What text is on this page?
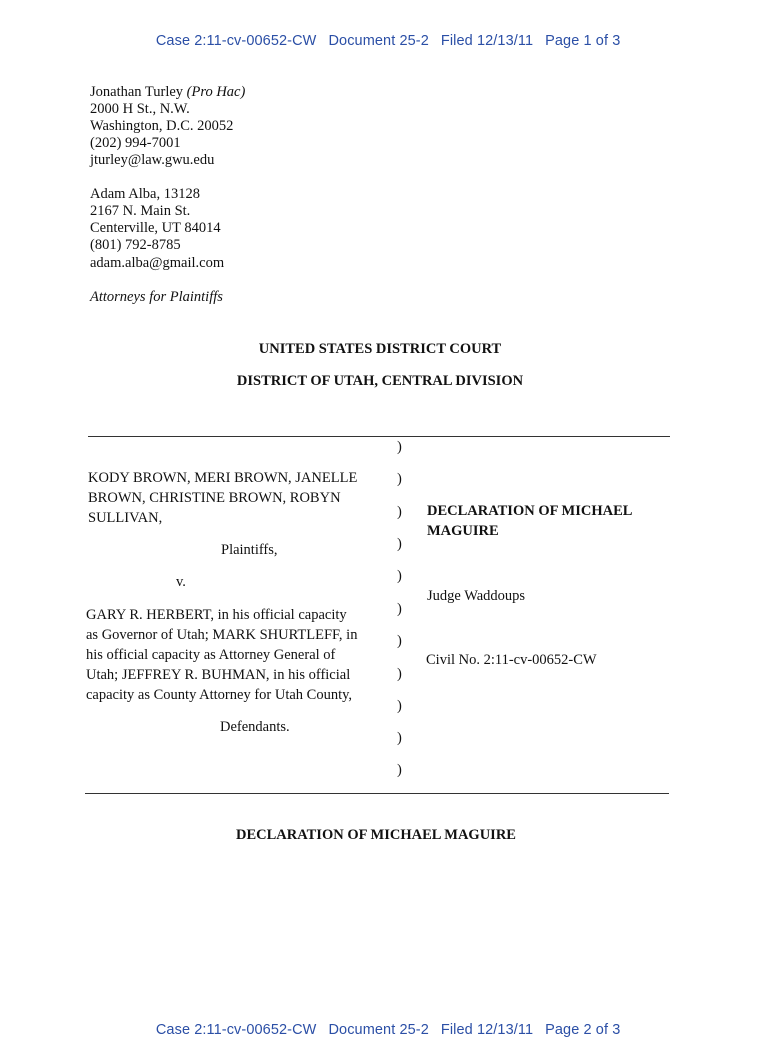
Case 2:11-cv-00652-CW Document 25-2 Filed 12/13/11 Page 1 of 3

Jonathan Turley (Pro Hac)
2000 H St., N.W.
Washington, D.C. 20052
(202) 994-7001
jturley@law.gwu.edu
Adam Alba, 13128
2167 N. Main St.
Centerville, UT 84014
(801) 792-8785
adam.alba@gmail.com
Attorneys for Plaintiffs
UNITED STATES DISTRICT COURT
DISTRICT OF UTAH, CENTRAL DIVISION
)
)
)
)
)
)
)
)
)
)
)
KODY BROWN, MERI BROWN, JANELLE
BROWN, CHRISTINE BROWN, ROBYN
SULLIVAN,
Plaintiffs,
v.
GARY R. HERBERT, in his official capacity
as Governor of Utah; MARK SHURTLEFF, in
his official capacity as Attorney General of
Utah; JEFFREY R. BUHMAN, in his official
capacity as County Attorney for Utah County,
Defendants.
DECLARATION OF MICHAEL
MAGUIRE
Judge Waddoups
Civil No. 2:11-cv-00652-CW
DECLARATION OF MICHAEL MAGUIRE

Case 2:11-cv-00652-CW Document 25-2 Filed 12/13/11 Page 2 of 3
